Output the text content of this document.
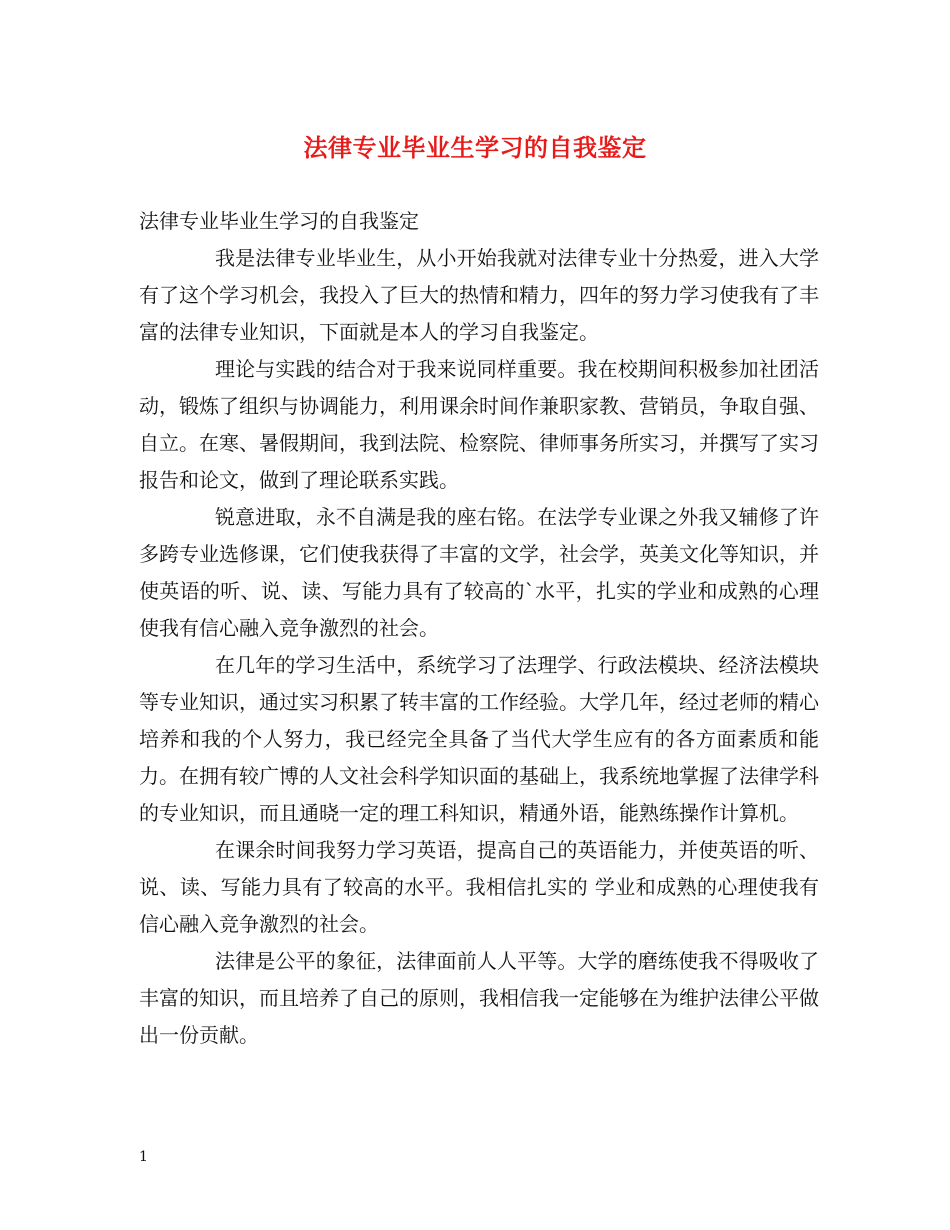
法律专业毕业生学习的自我鉴定

法律专业毕业生学习的自我鉴定

我是法律专业毕业生，从小开始我就对法律专业十分热爱，进入大学有了这个学习机会，我投入了巨大的热情和精力，四年的努力学习使我有了丰富的法律专业知识，下面就是本人的学习自我鉴定。

理论与实践的结合对于我来说同样重要。我在校期间积极参加社团活动，锻炼了组织与协调能力，利用课余时间作兼职家教、营销员，争取自强、自立。在寒、暑假期间，我到法院、检察院、律师事务所实习，并撰写了实习报告和论文，做到了理论联系实践。

锐意进取，永不自满是我的座右铭。在法学专业课之外我又辅修了许多跨专业选修课，它们使我获得了丰富的文学，社会学，英美文化等知识，并使英语的听、说、读、写能力具有了较高的`水平，扎实的学业和成熟的心理使我有信心融入竞争激烈的社会。

在几年的学习生活中，系统学习了法理学、行政法模块、经济法模块等专业知识，通过实习积累了转丰富的工作经验。大学几年，经过老师的精心培养和我的个人努力，我已经完全具备了当代大学生应有的各方面素质和能力。在拥有较广博的人文社会科学知识面的基础上，我系统地掌握了法律学科的专业知识，而且通晓一定的理工科知识，精通外语，能熟练操作计算机。

在课余时间我努力学习英语，提高自己的英语能力，并使英语的听、说、读、写能力具有了较高的水平。我相信扎实的 学业和成熟的心理使我有信心融入竞争激烈的社会。

法律是公平的象征，法律面前人人平等。大学的磨练使我不得吸收了丰富的知识，而且培养了自己的原则，我相信我一定能够在为维护法律公平做出一份贡献。

1
